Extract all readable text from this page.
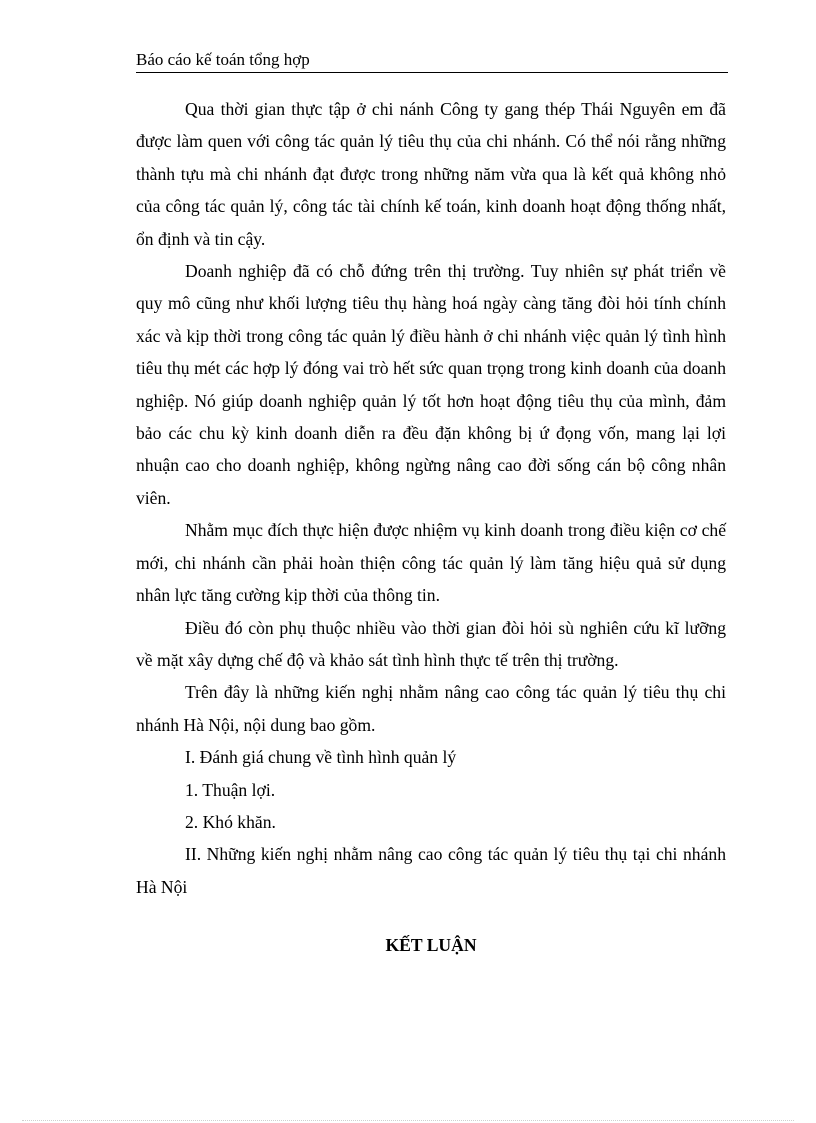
Báo cáo kế toán tổng hợp

Qua thời gian thực tập ở chi nánh Công ty gang thép Thái Nguyên em đã được làm quen với công tác quản lý tiêu thụ của chi nhánh. Có thể nói rằng những thành tựu mà chi nhánh đạt được trong những năm vừa qua là kết quả không nhỏ của công tác quản lý, công tác tài chính kế toán, kinh doanh hoạt động thống nhất, ổn định và tin cậy.

Doanh nghiệp đã có chỗ đứng trên thị trường. Tuy nhiên sự phát triển về quy mô cũng như khối lượng tiêu thụ hàng hoá ngày càng tăng đòi hỏi tính chính xác và kịp thời trong công tác quản lý điều hành ở chi nhánh việc quản lý tình hình tiêu thụ mét các hợp lý đóng vai trò hết sức quan trọng trong kinh doanh của doanh nghiệp. Nó giúp doanh nghiệp quản lý tốt hơn hoạt động tiêu thụ của mình, đảm bảo các chu kỳ kinh doanh diễn ra đều đặn không bị ứ đọng vốn, mang lại lợi nhuận cao cho doanh nghiệp, không ngừng nâng cao đời sống cán bộ công nhân viên.

Nhằm mục đích thực hiện được nhiệm vụ kinh doanh trong điều kiện cơ chế mới, chi nhánh cần phải hoàn thiện công tác quản lý làm tăng hiệu quả sử dụng nhân lực tăng cường kịp thời của thông tin.

Điều đó còn phụ thuộc nhiều vào thời gian đòi hỏi sù nghiên cứu kĩ lưỡng về mặt xây dựng chế độ và khảo sát tình hình thực tế trên thị trường.

Trên đây là những kiến nghị nhằm nâng cao công tác quản lý tiêu thụ chi nhánh Hà Nội, nội dung bao gồm.

I. Đánh giá chung về tình hình quản lý

1. Thuận lợi.

2. Khó khăn.

II. Những kiến nghị nhằm nâng cao công tác quản lý tiêu thụ tại chi nhánh Hà Nội

KẾT LUẬN
